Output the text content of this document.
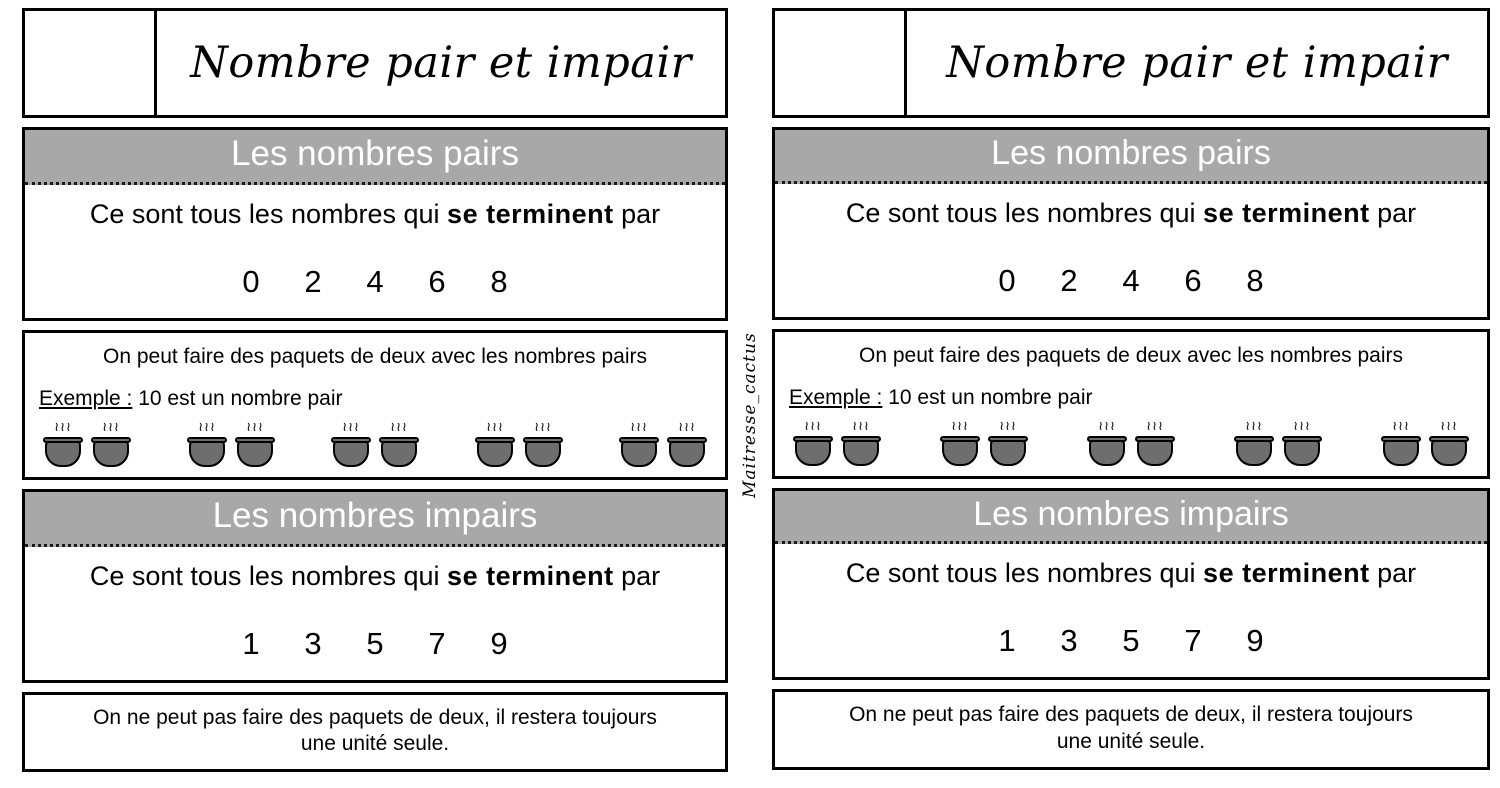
Nombre pair et impair
Les nombres pairs
Ce sont tous les nombres qui se terminent par
0 2 4 6 8
On peut faire des paquets de deux avec les nombres pairs
Exemple : 10 est un nombre pair
≀≀≀ ≀≀≀	≀≀≀ ≀≀≀	≀≀≀ ≀≀≀	≀≀≀ ≀≀≀	≀≀≀ ≀≀≀
Les nombres impairs
Ce sont tous les nombres qui se terminent par
1 3 5 7 9
On ne peut pas faire des paquets de deux, il restera toujours
une unité seule.
Maitresse_cactus
Nombre pair et impair
Les nombres pairs
Ce sont tous les nombres qui se terminent par
0 2 4 6 8
On peut faire des paquets de deux avec les nombres pairs
Exemple : 10 est un nombre pair
≀≀≀ ≀≀≀	≀≀≀ ≀≀≀	≀≀≀ ≀≀≀	≀≀≀ ≀≀≀	≀≀≀ ≀≀≀
Les nombres impairs
Ce sont tous les nombres qui se terminent par
1 3 5 7 9
On ne peut pas faire des paquets de deux, il restera toujours
une unité seule.
